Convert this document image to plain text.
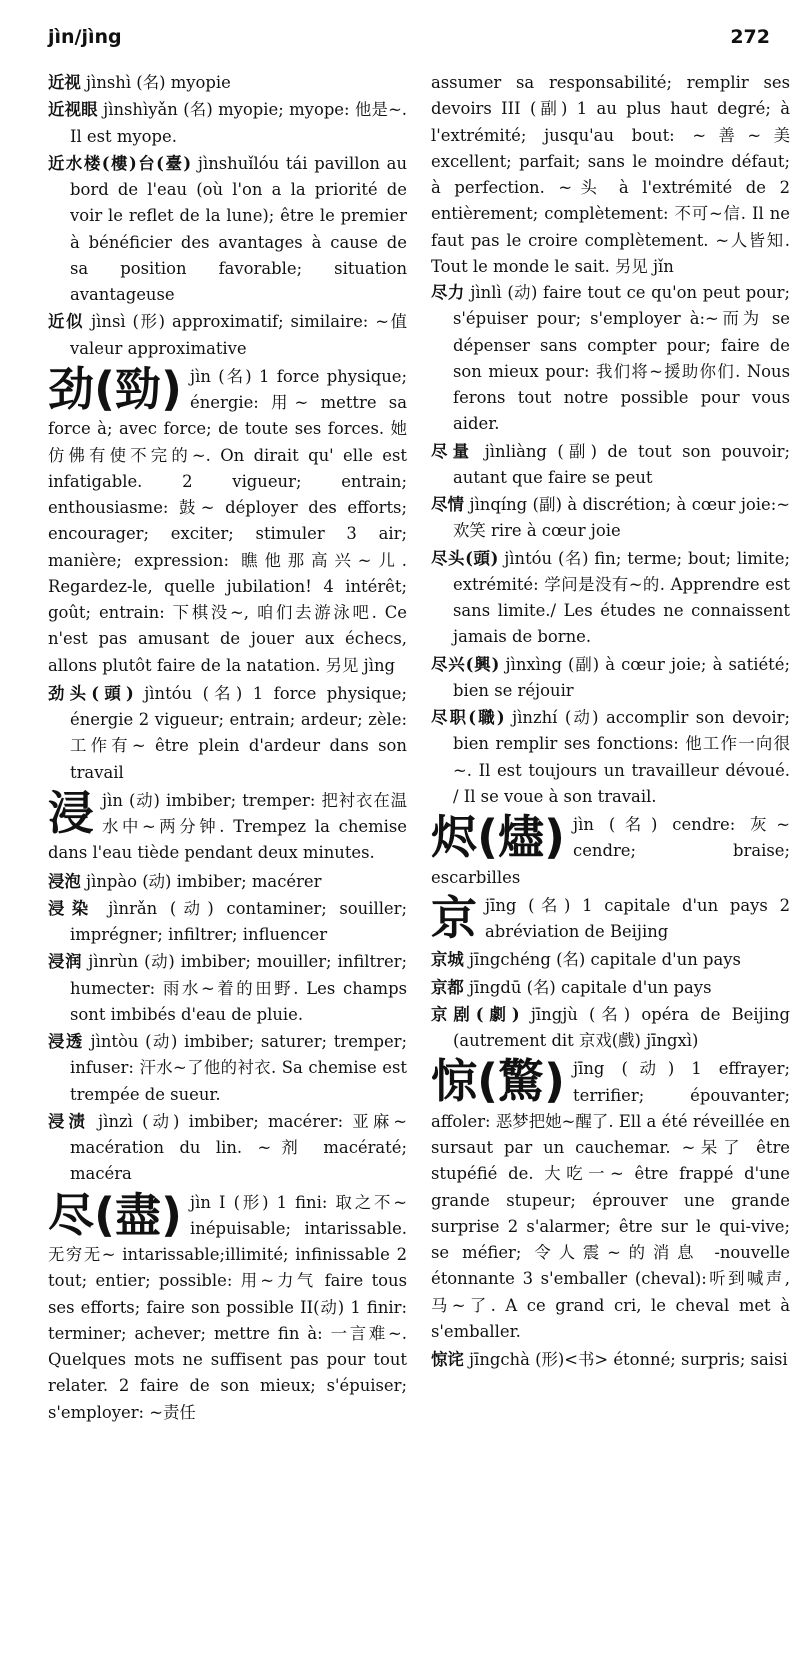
jìn/jìng	272

近视 jìnshì (名) myopie

近视眼 jìnshìyǎn (名) myopie; myope: 他是~. Il est myope.

近水楼(樓)台(臺) jìnshuǐlóu tái pavillon au bord de l'eau (où l'on a la priorité de voir le reflet de la lune); être le premier à bénéficier des avantages à cause de sa position favorable; situation avantageuse

近似 jìnsì (形) approximatif; similaire: ~值 valeur approximative

劲(勁) jìn (名) 1 force physique; énergie: 用~ mettre sa force à; avec force; de toute ses forces. 她仿佛有使不完的~. On dirait qu' elle est infatigable. 2 vigueur; entrain; enthousiasme: 鼓~ déployer des efforts; encourager; exciter; stimuler 3 air; manière; expression: 瞧他那高兴~儿. Regardez-le, quelle jubilation! 4 intérêt; goût; entrain: 下棋没~, 咱们去游泳吧. Ce n'est pas amusant de jouer aux échecs, allons plutôt faire de la natation. 另见 jìng

劲头(頭) jìntóu (名) 1 force physique; énergie 2 vigueur; entrain; ardeur; zèle: 工作有~ être plein d'ardeur dans son travail

浸jìn (动) imbiber; tremper: 把衬衣在温水中~两分钟. Trempez la chemise dans l'eau tiède pendant deux minutes.

浸泡 jìnpào (动) imbiber; macérer

浸染 jìnrǎn (动) contaminer; souiller; imprégner; infiltrer; influencer

浸润 jìnrùn (动) imbiber; mouiller; infiltrer; humecter: 雨水~着的田野. Les champs sont imbibés d'eau de pluie.

浸透 jìntòu (动) imbiber; saturer; tremper; infuser: 汗水~了他的衬衣. Sa chemise est trempée de sueur.

浸渍 jìnzì (动) imbiber; macérer: 亚麻~ macération du lin. ~剂 macératé; macéra

尽(盡) jìn I (形) 1 fini: 取之不~ inépuisable; intarissable. 无穷无~ intarissable;illimité; infinissable 2 tout; entier; possible: 用~力气 faire tous ses efforts; faire son possible II(动) 1 finir: terminer; achever; mettre fin à: 一言难~. Quelques mots ne suffisent pas pour tout relater. 2 faire de son mieux; s'épuiser; s'employer: ~责任

assumer sa responsabilité; remplir ses devoirs III (副) 1 au plus haut degré; à l'extrémité; jusqu'au bout: ~善~美 excellent; parfait; sans le moindre défaut; à perfection. ~头 à l'extrémité de 2 entièrement; complètement: 不可~信. Il ne faut pas le croire complètement. ~人皆知. Tout le monde le sait. 另见 jǐn

尽力 jìnlì (动) faire tout ce qu'on peut pour; s'épuiser pour; s'employer à:~而为 se dépenser sans compter pour; faire de son mieux pour: 我们将~援助你们. Nous ferons tout notre possible pour vous aider.

尽量 jìnliàng (副) de tout son pouvoir; autant que faire se peut

尽情 jìnqíng (副) à discrétion; à cœur joie:~欢笑 rire à cœur joie

尽头(頭) jìntóu (名) fin; terme; bout; limite; extrémité: 学问是没有~的. Apprendre est sans limite./ Les études ne connaissent jamais de borne.

尽兴(興) jìnxìng (副) à cœur joie; à satiété; bien se réjouir

尽职(職) jìnzhí (动) accomplir son devoir; bien remplir ses fonctions: 他工作一向很~. Il est toujours un travailleur dévoué. / Il se voue à son travail.

烬(燼) jìn (名) cendre: 灰~ cendre; braise; escarbilles
京jīng (名) 1 capitale d'un pays 2 abréviation de Beijing

京城 jīngchéng (名) capitale d'un pays

京都 jīngdū (名) capitale d'un pays

京剧(劇) jīngjù (名) opéra de Beijing (autrement dit 京戏(戲) jīngxì)

惊(驚) jīng (动) 1 effrayer; terrifier; épouvanter; affoler: 恶梦把她~醒了. Ell a été réveillée en sursaut par un cauchemar. ~呆了 être stupéfié de. 大吃一~ être frappé d'une grande stupeur; éprouver une grande surprise 2 s'alarmer; être sur le qui-vive; se méfier; 令人震~的消息 -nouvelle étonnante 3 s'emballer (cheval):听到喊声, 马~了. A ce grand cri, le cheval met à s'emballer.

惊诧 jīngchà (形)<书> étonné; surpris; saisi
